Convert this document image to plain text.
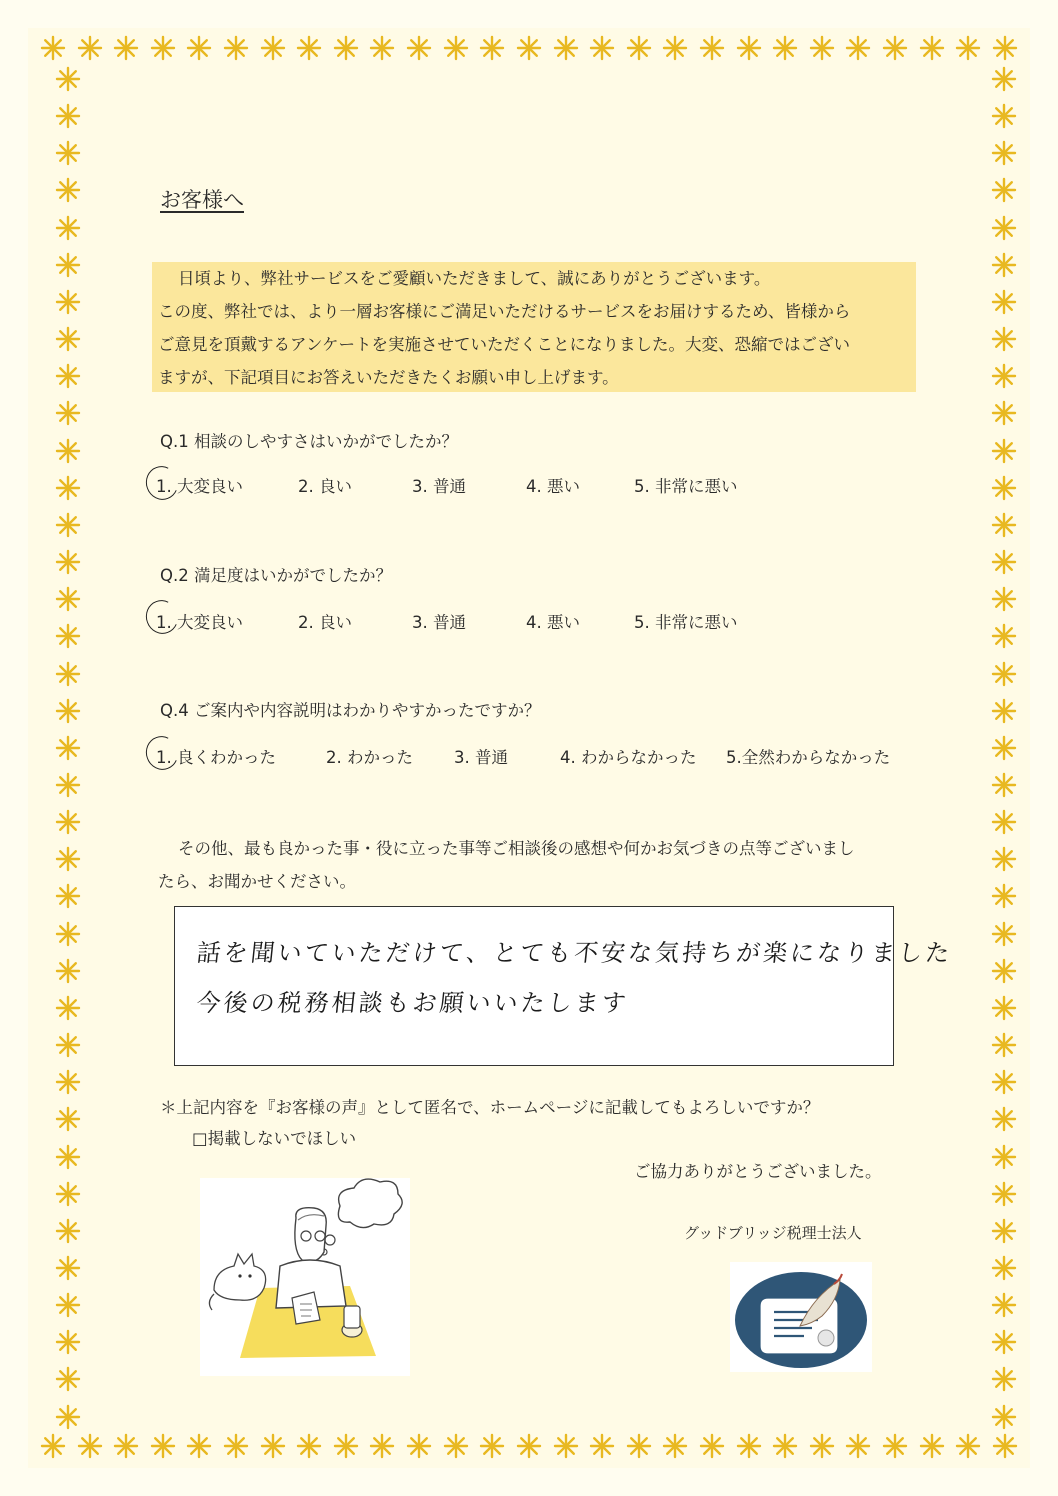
お客様へ

日頃より、弊社サービスをご愛顧いただきまして、誠にありがとうございます。

この度、弊社では、より一層お客様にご満足いただけるサービスをお届けするため、皆様から

ご意見を頂戴するアンケートを実施させていただくことになりました。大変、恐縮ではござい

ますが、下記項目にお答えいただきたくお願い申し上げます。

Q.1 相談のしやすさはいかがでしたか？
1. 大変良い	2. 良い	3. 普通	4. 悪い	5. 非常に悪い
Q.2 満足度はいかがでしたか？
1. 大変良い	2. 良い	3. 普通	4. 悪い	5. 非常に悪い
Q.4 ご案内や内容説明はわかりやすかったですか？
1. 良くわかった	2. わかった 3. 普通	4. わからなかった 5.全然わからなかった
その他、最も良かった事・役に立った事等ご相談後の感想や何かお気づきの点等ございまし
たら、お聞かせください。
話を聞いていただけて、とても不安な気持ちが楽になりました
今後の税務相談もお願いいたします
＊上記内容を『お客様の声』として匿名で、ホームページに記載してもよろしいですか？
□掲載しないでほしい
ご協力ありがとうございました。
グッドブリッジ税理士法人
